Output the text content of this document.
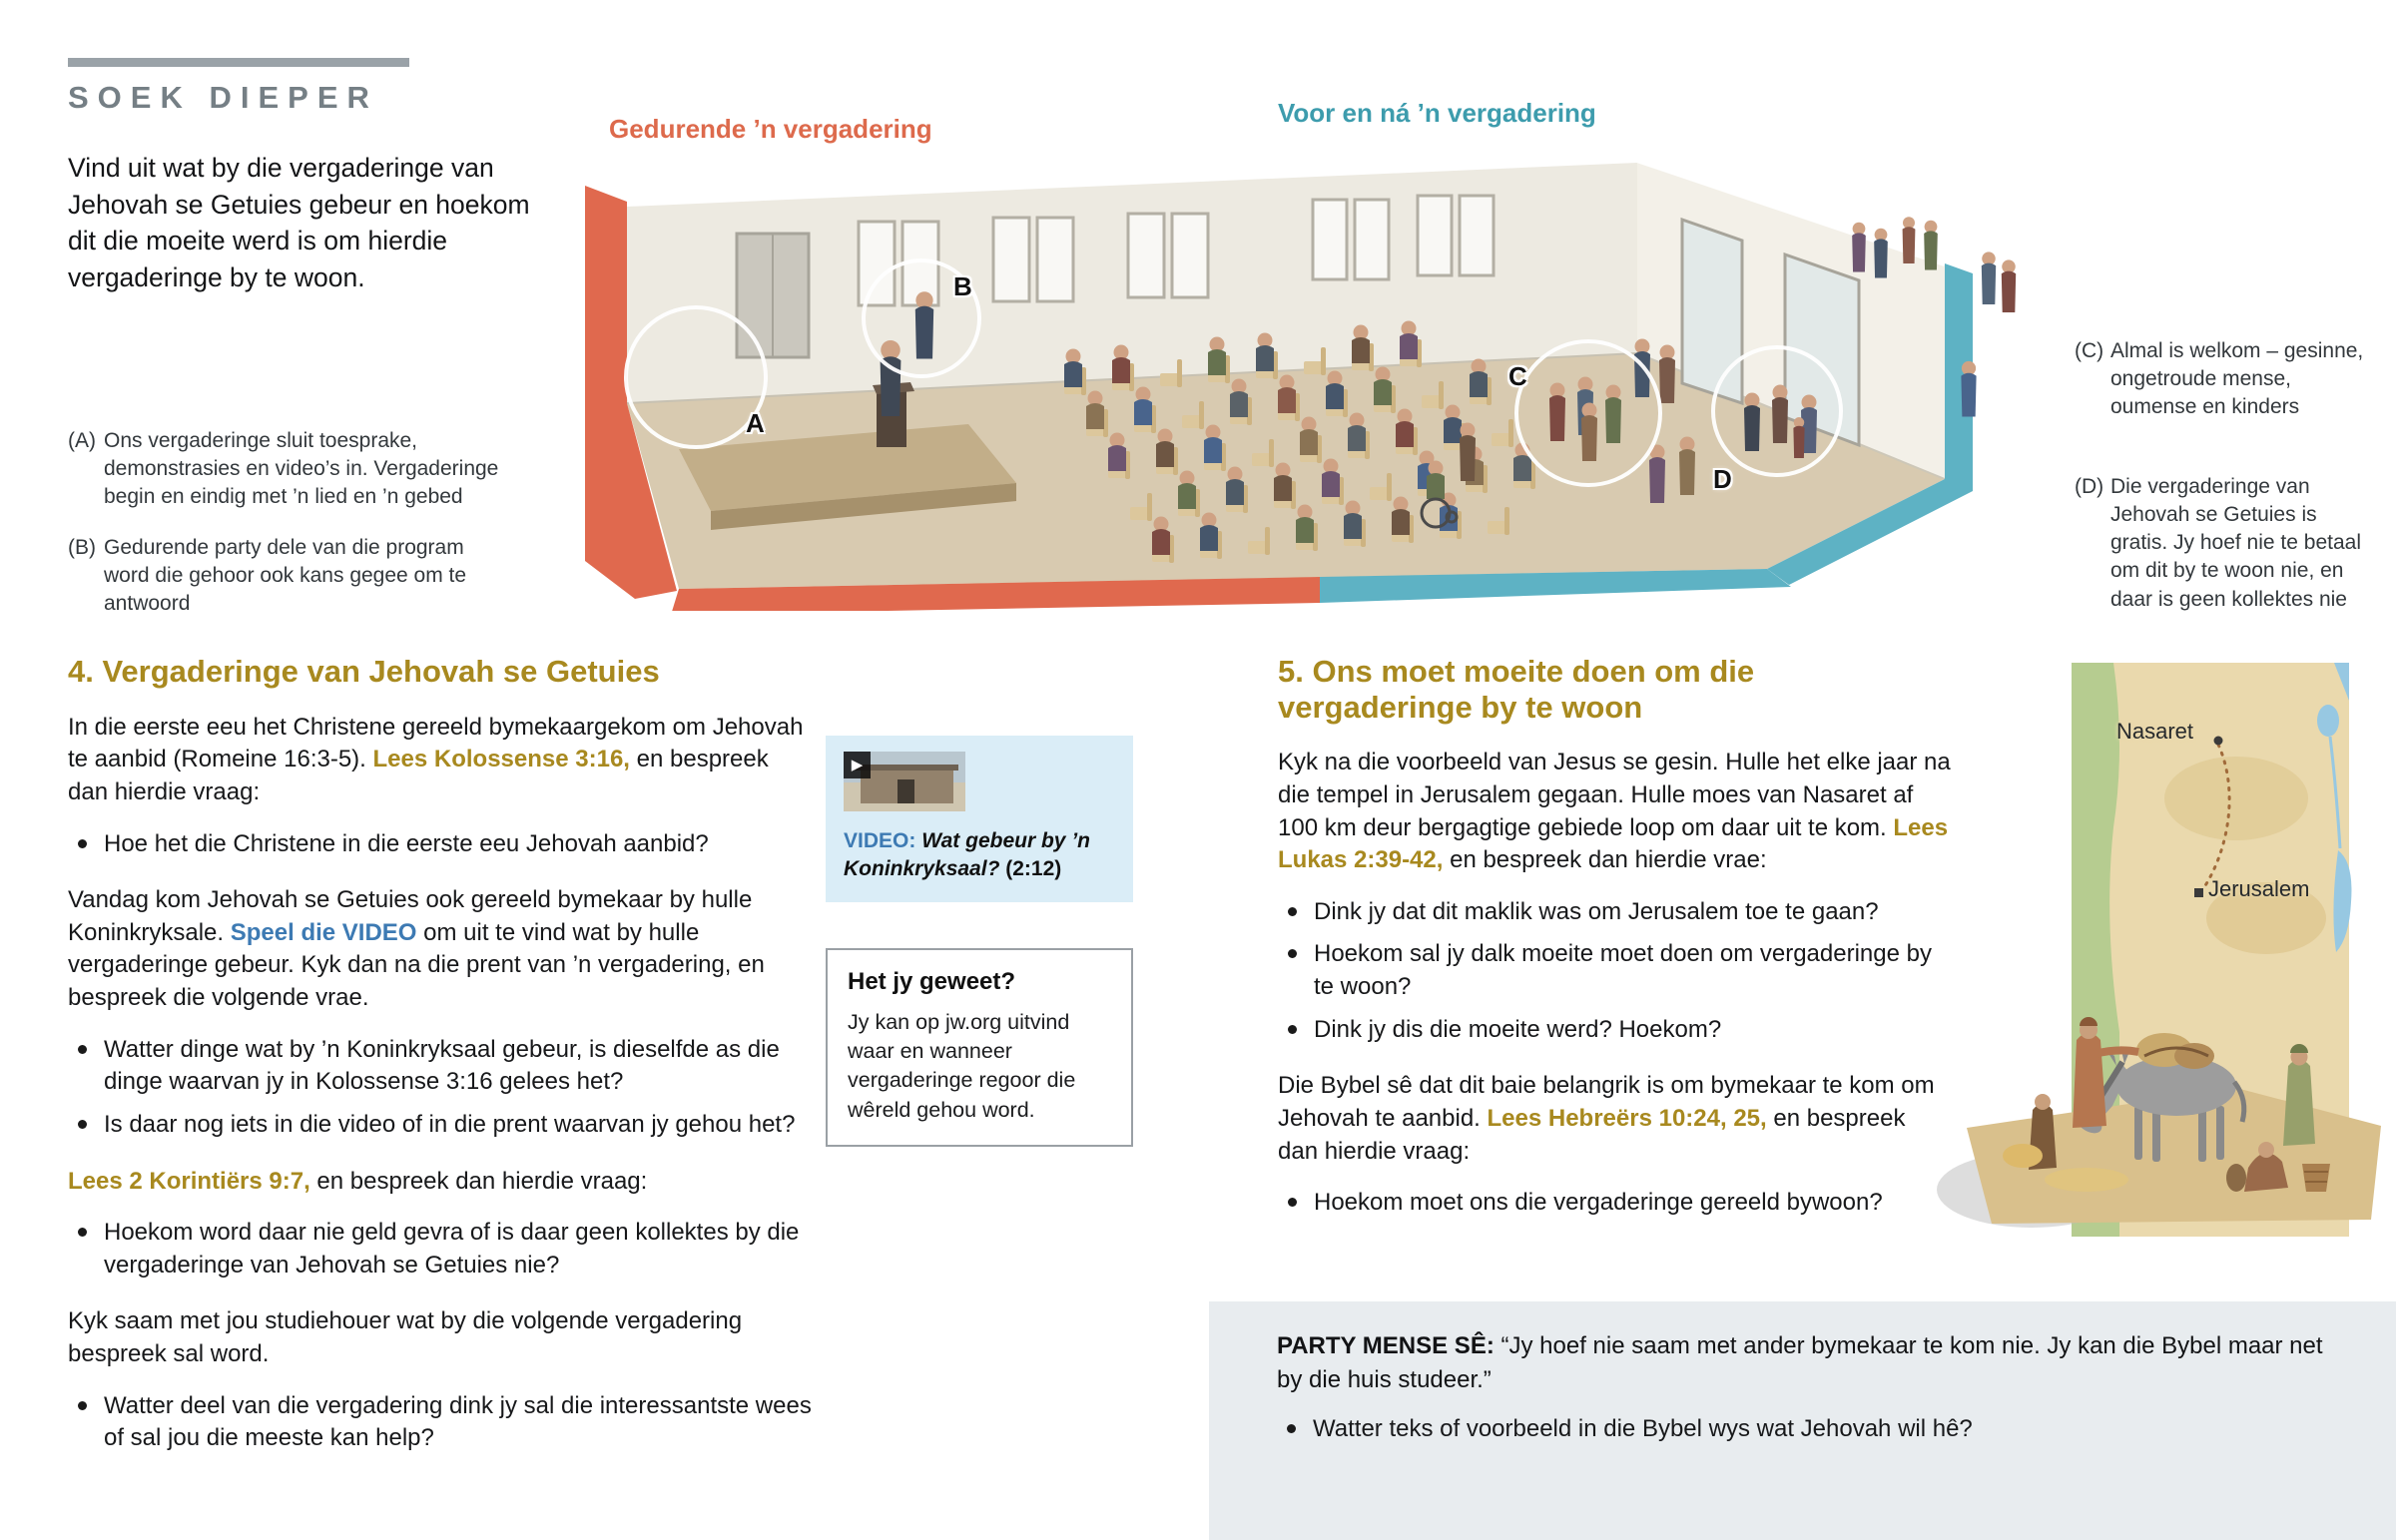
SOEK DIEPER

Vind uit wat by die vergaderinge van Jehovah se Getuies gebeur en hoekom dit die moeite werd is om hierdie vergaderinge by te woon.

Gedurende ’n vergadering
Voor en ná ’n vergadering
A
B
C
D
(A) Ons vergaderinge sluit toesprake, demonstrasies en video’s in. Vergaderinge begin en eindig met ’n lied en ’n gebed
(B) Gedurende party dele van die program word die gehoor ook kans gegee om te antwoord
(C) Almal is welkom – gesinne, ongetroude mense, oumense en kinders
(D) Die vergaderinge van Jehovah se Getuies is gratis. Jy hoef nie te betaal om dit by te woon nie, en daar is geen kollektes nie
4. Vergaderinge van Jehovah se Getuies

In die eerste eeu het Christene gereeld bymekaargekom om Jehovah te aanbid (Romeine 16:3-5). Lees Kolossense 3:16, en bespreek dan hierdie vraag:

Hoe het die Christene in die eerste eeu Jehovah aanbid?

Vandag kom Jehovah se Getuies ook gereeld bymekaar by hulle Koninkryksale. Speel die VIDEO om uit te vind wat by hulle vergaderinge gebeur. Kyk dan na die prent van ’n vergadering, en bespreek die volgende vrae.

Watter dinge wat by ’n Koninkryksaal gebeur, is dieselfde as die dinge waarvan jy in Kolossense 3:16 gelees het?
Is daar nog iets in die video of in die prent waarvan jy gehou het?

Lees 2 Korintiërs 9:7, en bespreek dan hierdie vraag:

Hoekom word daar nie geld gevra of is daar geen kollektes by die vergaderinge van Jehovah se Getuies nie?

Kyk saam met jou studiehouer wat by die volgende vergadering bespreek sal word.

Watter deel van die vergadering dink jy sal die interessantste wees of sal jou die meeste kan help?
▶

VIDEO: Wat gebeur by ’n Koninkryksaal? (2:12)

Het jy geweet?

Jy kan op jw.org uitvind waar en wanneer vergaderinge regoor die wêreld gehou word.

5. Ons moet moeite doen om die vergaderinge by te woon

Kyk na die voorbeeld van Jesus se gesin. Hulle het elke jaar na die tempel in Jerusalem gegaan. Hulle moes van Nasaret af 100 km deur bergagtige gebiede loop om daar uit te kom. Lees Lukas 2:39-42, en bespreek dan hierdie vrae:

Dink jy dat dit maklik was om Jerusalem toe te gaan?
Hoekom sal jy dalk moeite moet doen om vergaderinge by te woon?
Dink jy dis die moeite werd? Hoekom?

Die Bybel sê dat dit baie belangrik is om bymekaar te kom om Jehovah te aanbid. Lees Hebreërs 10:24, 25, en bespreek dan hierdie vraag:

Hoekom moet ons die vergaderinge gereeld bywoon?
Nasaret
Jerusalem

PARTY MENSE SÊ: “Jy hoef nie saam met ander bymekaar te kom nie. Jy kan die Bybel maar net by die huis studeer.”

Watter teks of voorbeeld in die Bybel wys wat Jehovah wil hê?
